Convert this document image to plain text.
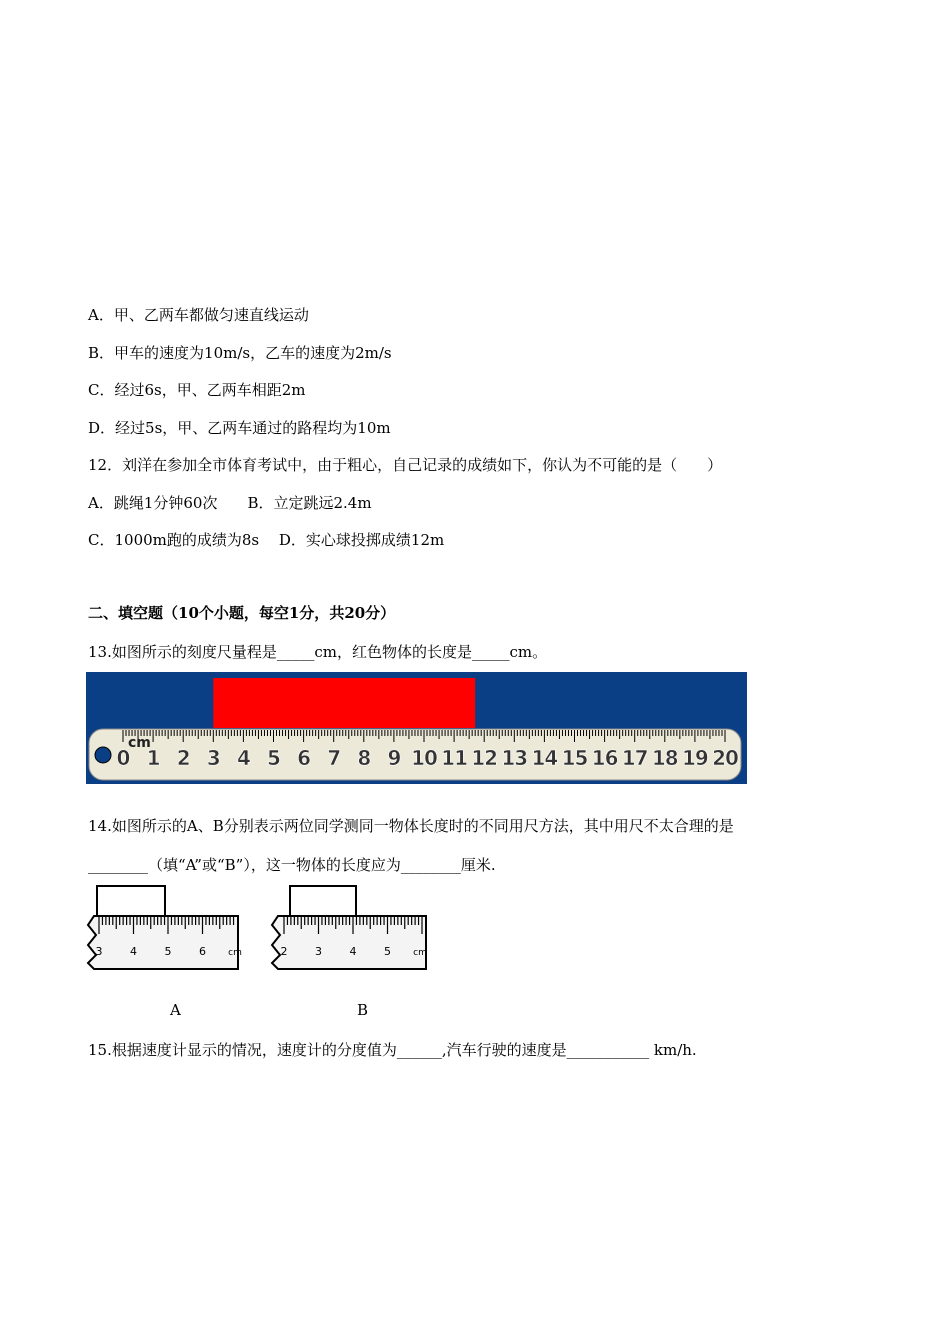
A．甲、乙两车都做匀速直线运动
B．甲车的速度为10m/s，乙车的速度为2m/s
C．经过6s，甲、乙两车相距2m
D．经过5s，甲、乙两车通过的路程均为10m
12．刘洋在参加全市体育考试中，由于粗心，自己记录的成绩如下，你认为不可能的是（　　）
A．跳绳1分钟60次　　B．立定跳远2.4m
C．1000m跑的成绩为8s　 D．实心球投掷成绩12m
二、填空题（10个小题，每空1分，共20分）
13.如图所示的刻度尺量程是_____cm，红色物体的长度是_____cm。
0 1 2 3 4 5 6 7 8 9 10 11 12 13 14 15 16 17 18 19 20
cm
14.如图所示的A、B分别表示两位同学测同一物体长度时的不同用尺方法，其中用尺不太合理的是
________（填“A”或“B”），这一物体的长度应为________厘米.
3	4	5	6 cm	2	3	4	5 cm
A	B
15.根据速度计显示的情况，速度计的分度值为______,汽车行驶的速度是___________ km/h.
